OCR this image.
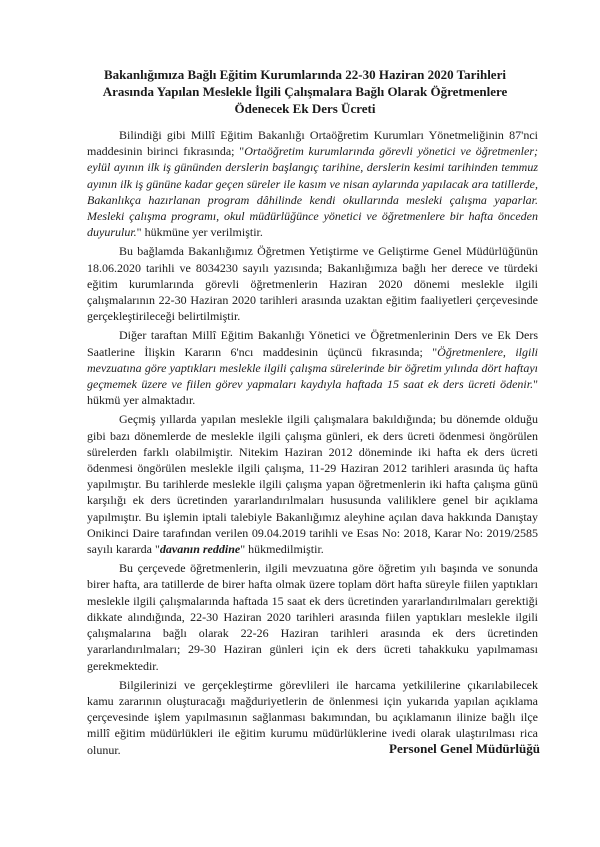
Bakanlığımıza Bağlı Eğitim Kurumlarında 22-30 Haziran 2020 Tarihleri Arasında Yapılan Meslekle İlgili Çalışmalara Bağlı Olarak Öğretmenlere Ödenecek Ek Ders Ücreti

Bilindiği gibi Millî Eğitim Bakanlığı Ortaöğretim Kurumları Yönetmeliğinin 87'nci maddesinin birinci fıkrasında; "Ortaöğretim kurumlarında görevli yönetici ve öğretmenler; eylül ayının ilk iş gününden derslerin başlangıç tarihine, derslerin kesimi tarihinden temmuz ayının ilk iş gününe kadar geçen süreler ile kasım ve nisan aylarında yapılacak ara tatillerde, Bakanlıkça hazırlanan program dâhilinde kendi okullarında mesleki çalışma yaparlar. Mesleki çalışma programı, okul müdürlüğünce yönetici ve öğretmenlere bir hafta önceden duyurulur." hükmüne yer verilmiştir.

Bu bağlamda Bakanlığımız Öğretmen Yetiştirme ve Geliştirme Genel Müdürlüğünün 18.06.2020 tarihli ve 8034230 sayılı yazısında; Bakanlığımıza bağlı her derece ve türdeki eğitim kurumlarında görevli öğretmenlerin Haziran 2020 dönemi meslekle ilgili çalışmalarının 22-30 Haziran 2020 tarihleri arasında uzaktan eğitim faaliyetleri çerçevesinde gerçekleştirileceği belirtilmiştir.

Diğer taraftan Millî Eğitim Bakanlığı Yönetici ve Öğretmenlerinin Ders ve Ek Ders Saatlerine İlişkin Kararın 6'ncı maddesinin üçüncü fıkrasında; "Öğretmenlere, ilgili mevzuatına göre yaptıkları meslekle ilgili çalışma sürelerinde bir öğretim yılında dört haftayı geçmemek üzere ve fiilen görev yapmaları kaydıyla haftada 15 saat ek ders ücreti ödenir." hükmü yer almaktadır.

Geçmiş yıllarda yapılan meslekle ilgili çalışmalara bakıldığında; bu dönemde olduğu gibi bazı dönemlerde de meslekle ilgili çalışma günleri, ek ders ücreti ödenmesi öngörülen sürelerden farklı olabilmiştir. Nitekim Haziran 2012 döneminde iki hafta ek ders ücreti ödenmesi öngörülen meslekle ilgili çalışma, 11-29 Haziran 2012 tarihleri arasında üç hafta yapılmıştır. Bu tarihlerde meslekle ilgili çalışma yapan öğretmenlerin iki hafta çalışma günü karşılığı ek ders ücretinden yararlandırılmaları hususunda valiliklere genel bir açıklama yapılmıştır. Bu işlemin iptali talebiyle Bakanlığımız aleyhine açılan dava hakkında Danıştay Onikinci Daire tarafından verilen 09.04.2019 tarihli ve Esas No: 2018, Karar No: 2019/2585 sayılı kararda "davanın reddine" hükmedilmiştir.

Bu çerçevede öğretmenlerin, ilgili mevzuatına göre öğretim yılı başında ve sonunda birer hafta, ara tatillerde de birer hafta olmak üzere toplam dört hafta süreyle fiilen yaptıkları meslekle ilgili çalışmalarında haftada 15 saat ek ders ücretinden yararlandırılmaları gerektiği dikkate alındığında, 22-30 Haziran 2020 tarihleri arasında fiilen yaptıkları meslekle ilgili çalışmalarına bağlı olarak 22-26 Haziran tarihleri arasında ek ders ücretinden yararlandırılmaları; 29-30 Haziran günleri için ek ders ücreti tahakkuku yapılmaması gerekmektedir.

Bilgilerinizi ve gerçekleştirme görevlileri ile harcama yetkililerine çıkarılabilecek kamu zararının oluşturacağı mağduriyetlerin de önlenmesi için yukarıda yapılan açıklama çerçevesinde işlem yapılmasının sağlanması bakımından, bu açıklamanın ilinize bağlı ilçe millî eğitim müdürlükleri ile eğitim kurumu müdürlüklerine ivedi olarak ulaştırılması rica olunur.	Personel Genel Müdürlüğü
